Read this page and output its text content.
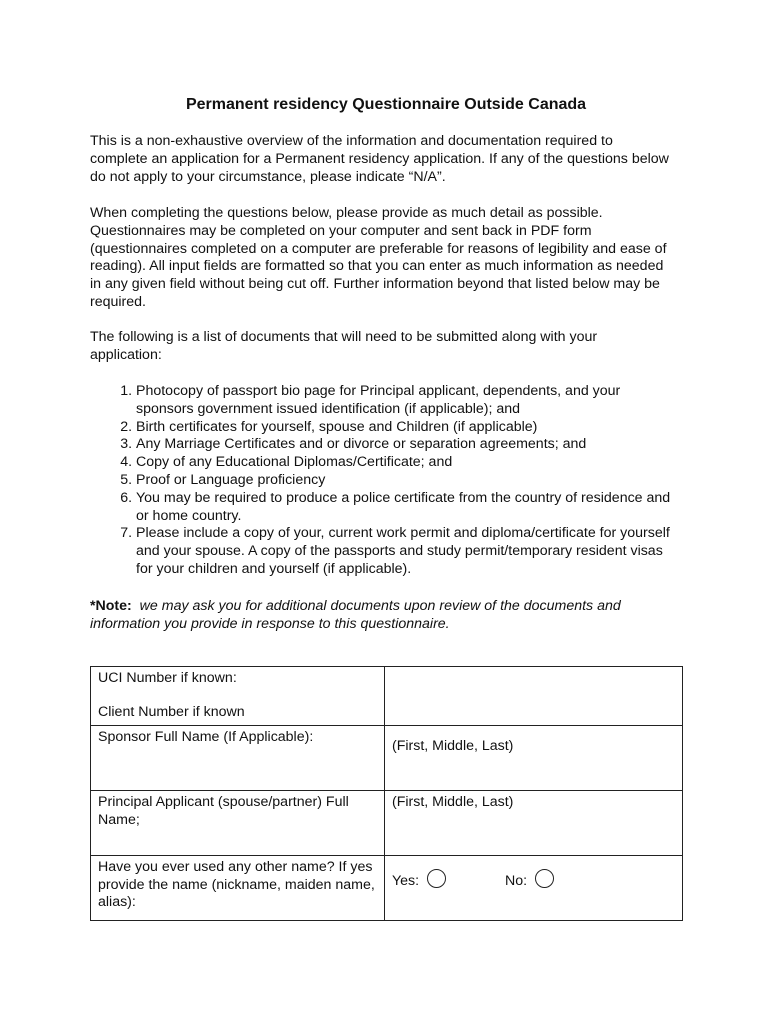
Permanent residency Questionnaire Outside Canada

This is a non-exhaustive overview of the information and documentation required to complete an application for a Permanent residency application. If any of the questions below do not apply to your circumstance, please indicate “N/A”.

When completing the questions below, please provide as much detail as possible. Questionnaires may be completed on your computer and sent back in PDF form (questionnaires completed on a computer are preferable for reasons of legibility and ease of reading). All input fields are formatted so that you can enter as much information as needed in any given field without being cut off. Further information beyond that listed below may be required.

The following is a list of documents that will need to be submitted along with your application:

1. Photocopy of passport bio page for Principal applicant, dependents, and your sponsors government issued identification (if applicable); and
2. Birth certificates for yourself, spouse and Children (if applicable)
3. Any Marriage Certificates and or divorce or separation agreements; and
4. Copy of any Educational Diplomas/Certificate; and
5. Proof or Language proficiency
6. You may be required to produce a police certificate from the country of residence and or home country.
7. Please include a copy of your, current work permit and diploma/certificate for yourself and your spouse. A copy of the passports and study permit/temporary resident visas for your children and yourself (if applicable).

*Note: we may ask you for additional documents upon review of the documents and information you provide in response to this questionnaire.

UCI Number if known:	
Client Number if known	
Sponsor Full Name (If Applicable):	(First, Middle, Last)
Principal Applicant (spouse/partner) Full Name;	(First, Middle, Last)
Have you ever used any other name? If yes provide the name (nickname, maiden name, alias):	Yes: No:
